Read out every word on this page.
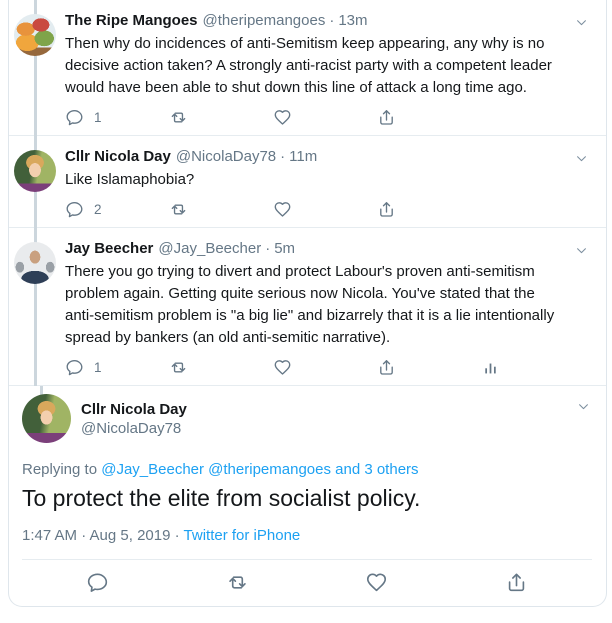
The Ripe Mangoes @theripemangoes · 13m
Then why do incidences of anti-Semitism keep appearing, any why is no decisive action taken? A strongly anti-racist party with a competent leader would have been able to shut down this line of attack a long time ago.
1
Cllr Nicola Day @NicolaDay78 · 11m
Like Islamaphobia?
2
Jay Beecher @Jay_Beecher · 5m
There you go trying to divert and protect Labour's proven anti-semitism problem again. Getting quite serious now Nicola. You've stated that the anti-semitism problem is "a big lie" and bizarrely that it is a lie intentionally spread by bankers (an old anti-semitic narrative).
1
Cllr Nicola Day
@NicolaDay78
Replying to @Jay_Beecher @theripemangoes and 3 others
To protect the elite from socialist policy.
1:47 AM · Aug 5, 2019 · Twitter for iPhone
